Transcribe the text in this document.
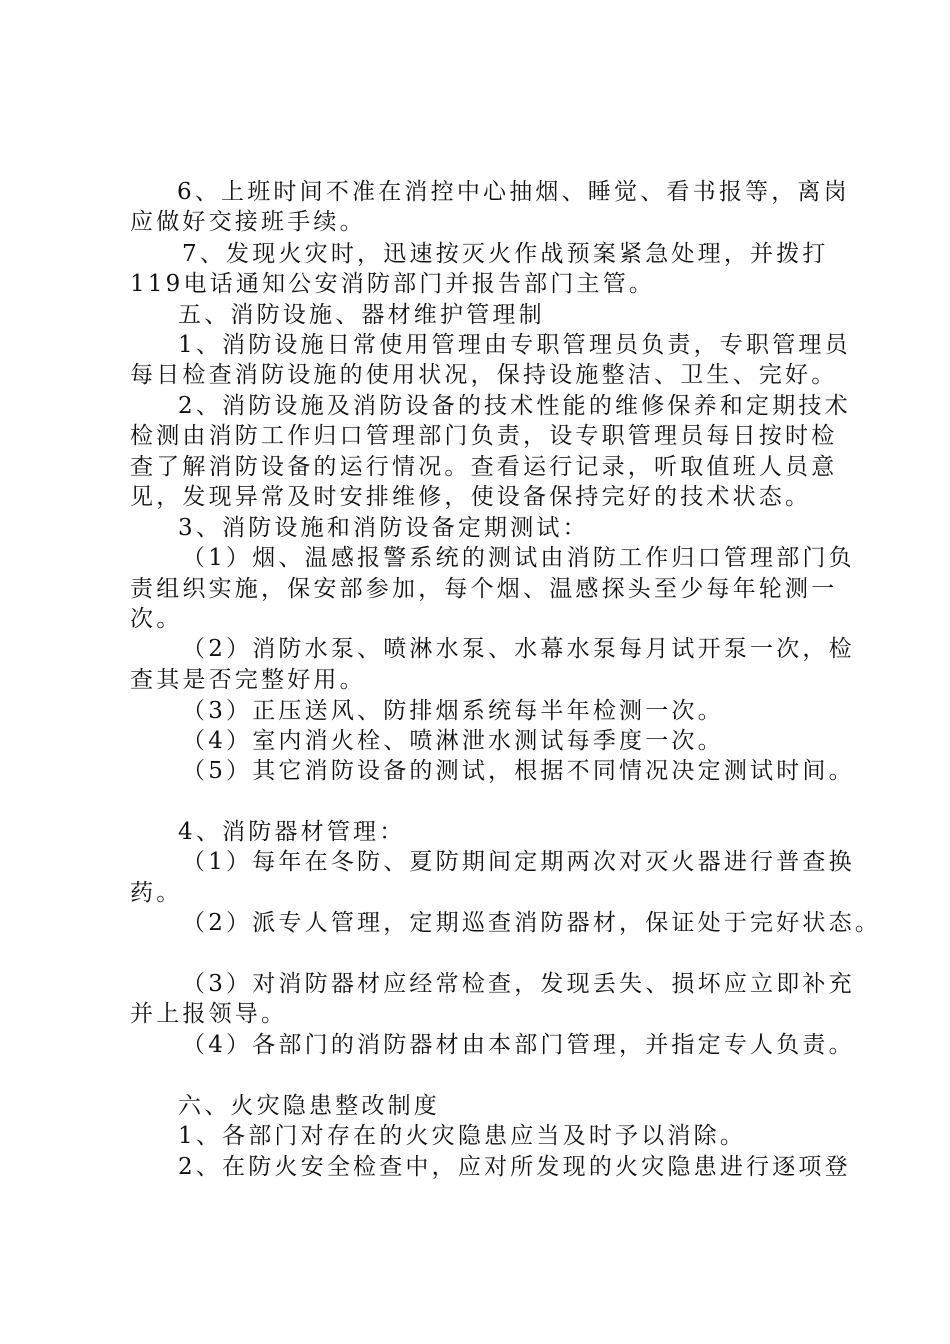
6、上班时间不准在消控中心抽烟、睡觉、看书报等，离岗
应做好交接班手续。
7、发现火灾时，迅速按灭火作战预案紧急处理，并拨打
119电话通知公安消防部门并报告部门主管。
五、消防设施、器材维护管理制
1、消防设施日常使用管理由专职管理员负责，专职管理员
每日检查消防设施的使用状况，保持设施整洁、卫生、完好。
2、消防设施及消防设备的技术性能的维修保养和定期技术
检测由消防工作归口管理部门负责，设专职管理员每日按时检
查了解消防设备的运行情况。查看运行记录，听取值班人员意
见，发现异常及时安排维修，使设备保持完好的技术状态。
3、消防设施和消防设备定期测试：
（1）烟、温感报警系统的测试由消防工作归口管理部门负
责组织实施，保安部参加，每个烟、温感探头至少每年轮测一
次。
（2）消防水泵、喷淋水泵、水幕水泵每月试开泵一次，检
查其是否完整好用。
（3）正压送风、防排烟系统每半年检测一次。
（4）室内消火栓、喷淋泄水测试每季度一次。
（5）其它消防设备的测试，根据不同情况决定测试时间。
4、消防器材管理：
（1）每年在冬防、夏防期间定期两次对灭火器进行普查换
药。
（2）派专人管理，定期巡查消防器材，保证处于完好状态。
（3）对消防器材应经常检查，发现丢失、损坏应立即补充
并上报领导。
（4）各部门的消防器材由本部门管理，并指定专人负责。
六、火灾隐患整改制度
1、各部门对存在的火灾隐患应当及时予以消除。
2、在防火安全检查中，应对所发现的火灾隐患进行逐项登
